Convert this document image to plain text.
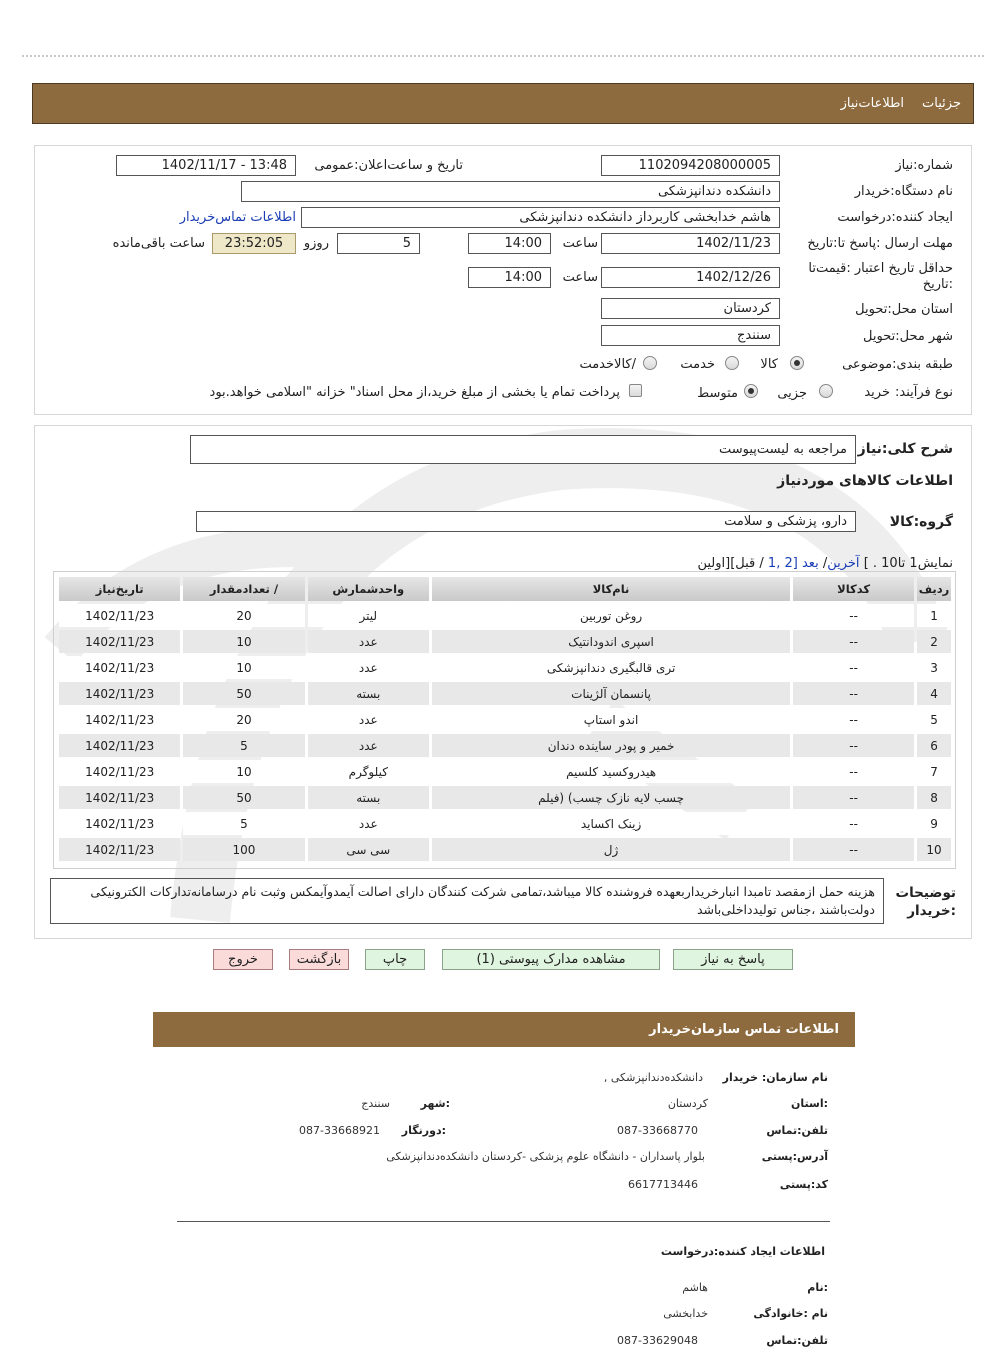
جزئیات
اطلاعات‌نیاز
شماره‌:نیاز
1102094208000005
تاریخ و ساعت‌اعلان:عمومی
1402/11/17 - 13:48
نام دستگاه:خریدار
دانشکده دندانپزشکی
ایجاد کننده:درخواست
هاشم خدابخشی کاربرداز دانشکده دندانپزشکی
اطلاعات تماس‌خریدار
مهلت ارسال :پاسخ تا:تاریخ
1402/11/23
ساعت
14:00
5
روزو
23:52:05
ساعت باقی‌مانده
حداقل تاریخ اعتبار :قیمت‌تا :تاریخ
1402/12/26
ساعت
14:00
استان محل:تحویل
کردستان
شهر محل:تحویل
سنندج
طبقه بندی:موضوعی
کالا
خدمت
/کالاخدمت
نوع فرآیند:
خرید
جزیی
متوسط
پرداخت تمام یا بخشی از مبلغ خرید،از محل اسناد" خزانه "اسلامی خواهد.بود
شرح کلی:نیاز
مراجعه به لیست‌پیوست
اطلاعات کالاهای موردنیاز
گروه:کالا
دارو، پزشکی و سلامت
نمایش1 تا10 . ] آخرین/ بعد [2 ,1 / قبل][اولین
ردیف	کدکالا	نام‌کالا	واحدشمارش	/ تعدادمقدار	تاریخ‌نیاز
1	--	روغن توربین	لیتر	20	1402/11/23
2	--	اسپری اندودانتیک	عدد	10	1402/11/23
3	--	تری قالبگیری دندانپزشکی	عدد	10	1402/11/23
4	--	پانسمان آلژینات	بسته	50	1402/11/23
5	--	اندو استاپ	عدد	20	1402/11/23
6	--	خمیر و پودر ساینده دندان	عدد	5	1402/11/23
7	--	هیدروکسید کلسیم	کیلوگرم	10	1402/11/23
8	--	چسب لایه نازک چسب) (فیلم	بسته	50	1402/11/23
9	--	زینک اکساید	عدد	5	1402/11/23
10	--	ژل	سی سی	100	1402/11/23
توضیحات :خریدار
هزینه حمل ازمقصد تامبدا انبارخریداربعهده فروشنده کالا میباشد،تمامی شرکت کنندگان دارای اصالت آیمدوآیمکس وثبت نام درسامانه‌تدارکات الکترونیکی دولت‌باشند ،جناس تولیدداخلی‌باشد
پاسخ به نیاز
مشاهده مدارک پیوستی (1)
چاپ
بازگشت
خروج
اطلاعات تماس سازمان‌خریدار
نام سازمان: خریدار
دانشکده‌دندانپزشکی ,
:استان
کردستان
:شهر
سنندج
تلفن:تماس
087-33668770
:دورنگار
087-33668921
آدرس:پستی
بلوار پاسداران - دانشگاه علوم پزشکی -کردستان دانشکده‌دندانپزشکی
کد:پستی
6617713446
اطلاعات ایجاد کننده:درخواست
:نام
هاشم
نام :خانوادگی
خدابخشی
تلفن:تماس
087-33629048
